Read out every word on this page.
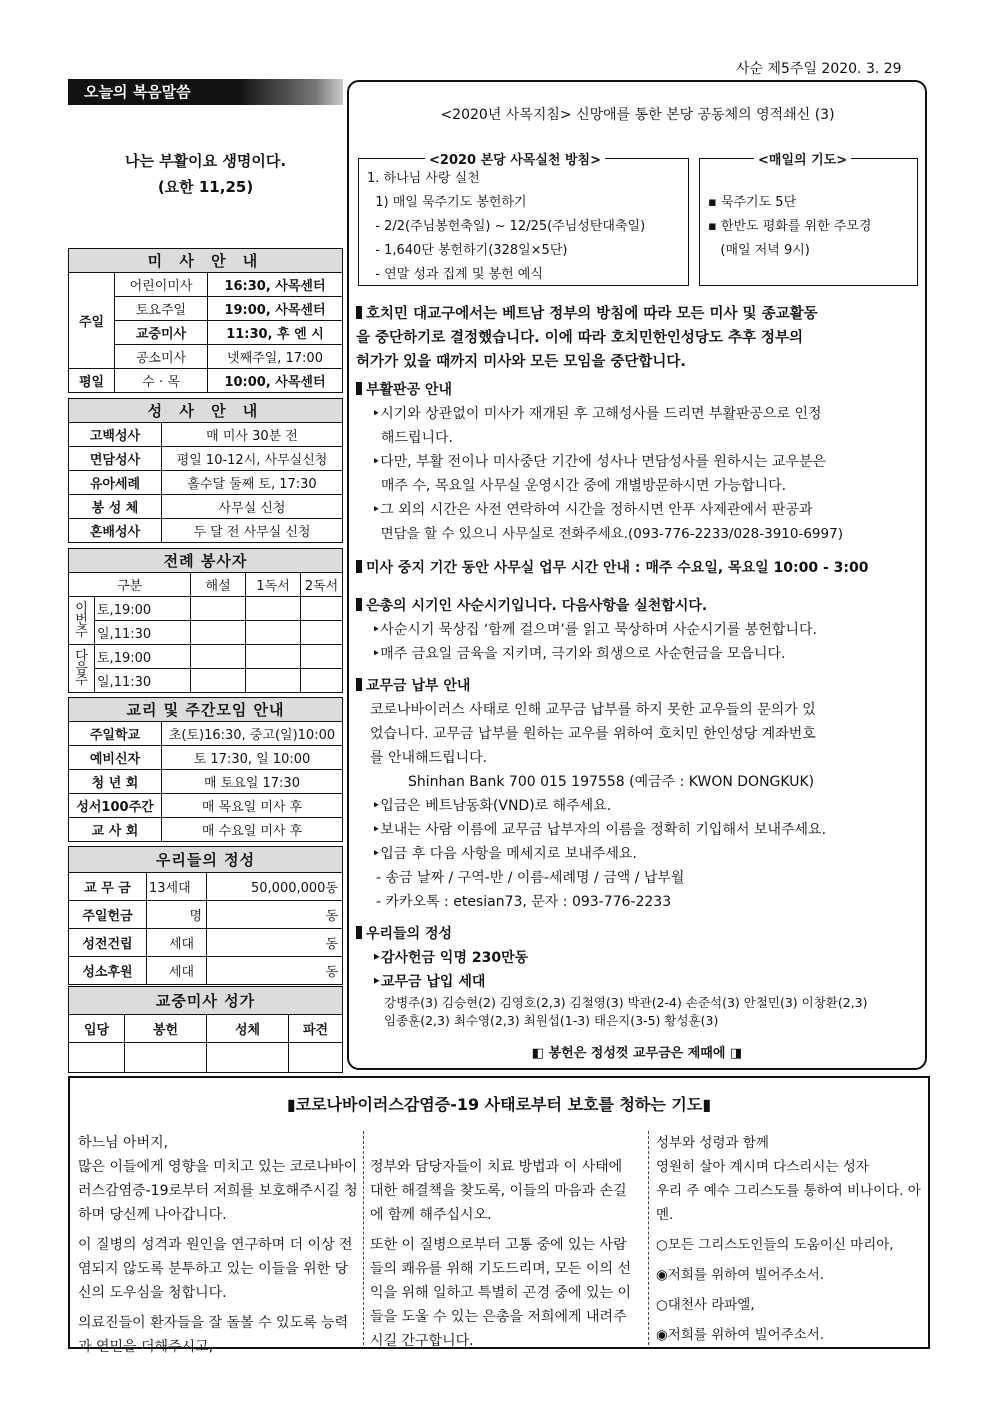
사순 제5주일 2020. 3. 29
오늘의 복음말씀
나는 부활이요 생명이다.
(요한 11,25)
미 사 안 내		
주일	어린이미사	16:30, 사목센터
	토요주일	19:00, 사목센터
	교중미사	11:30, 후 엔 시
	공소미사	넷째주일, 17:00
평일	수 · 목	10:00, 사목센터
성 사 안 내	
고백성사	매 미사 30분 전
면담성사	평일 10-12시, 사무실신청
유아세례	홀수달 둘째 토, 17:30
봉 성 체	사무실 신청
혼배성사	두 달 전 사무실 신청
전례 봉사자				
구분		해설	1독서	2독서
이번주	토,19:00			
	일,11:30			
다음주	토,19:00			
	일,11:30			
교리 및 주간모임 안내	
주일학교	초(토)16:30, 중고(일)10:00
예비신자	토 17:30, 일 10:00
청 년 회	매 토요일 17:30
성서100주간	매 목요일 미사 후
교 사 회	매 수요일 미사 후
우리들의 정성		
교 무 금	13세대	50,000,000동
주일헌금	명	동
성전건립	세대	동
성소후원	세대	동
교중미사 성가			
입당	봉헌	성체	파견

<2020년 사목지침> 신망애를 통한 본당 공동체의 영적쇄신 (3)
<2020 본당 사목실천 방침>

1. 하나님 사랑 실천

1) 매일 묵주기도 봉헌하기

- 2/2(주님봉헌축일) ~ 12/25(주님성탄대축일)

- 1,640단 봉헌하기(328일×5단)

- 연말 성과 집계 및 봉헌 예식

<매일의 기도>

▪ 묵주기도 5단

▪ 한반도 평화를 위한 주모경

(매일 저녁 9시)

호치민 대교구에서는 베트남 정부의 방침에 따라 모든 미사 및 종교활동
을 중단하기로 결정했습니다. 이에 따라 호치민한인성당도 추후 정부의
허가가 있을 때까지 미사와 모든 모임을 중단합니다.
부활판공 안내
‣시기와 상관없이 미사가 재개된 후 고해성사를 드리면 부활판공으로 인정
해드립니다.
‣다만, 부활 전이나 미사중단 기간에 성사나 면담성사를 원하시는 교우분은
매주 수, 목요일 사무실 운영시간 중에 개별방문하시면 가능합니다.
‣그 외의 시간은 사전 연락하여 시간을 정하시면 안푸 사제관에서 판공과
면담을 할 수 있으니 사무실로 전화주세요.(093-776-2233/028-3910-6997)
미사 중지 기간 동안 사무실 업무 시간 안내 : 매주 수요일, 목요일 10:00 - 3:00
은총의 시기인 사순시기입니다. 다음사항을 실천합시다.
‣사순시기 묵상집 ‘함께 걸으며’를 읽고 묵상하며 사순시기를 봉헌합니다.
‣매주 금요일 금육을 지키며, 극기와 희생으로 사순헌금을 모읍니다.
교무금 납부 안내
코로나바이러스 사태로 인해 교무금 납부를 하지 못한 교우들의 문의가 있
었습니다. 교무금 납부를 원하는 교우를 위하여 호치민 한인성당 계좌번호
를 안내해드립니다.
Shinhan Bank 700 015 197558 (예금주 : KWON DONGKUK)
‣입금은 베트남동화(VND)로 해주세요.
‣보내는 사람 이름에 교무금 납부자의 이름을 정확히 기입해서 보내주세요.
‣입금 후 다음 사항을 메세지로 보내주세요.
- 송금 날짜 / 구역-반 / 이름-세례명 / 금액 / 납부월
- 카카오톡 : etesian73, 문자 : 093-776-2233
우리들의 정성
‣감사헌금 익명 230만동
‣교무금 납입 세대
강병주(3) 김승현(2) 김영호(2,3) 김철영(3) 박관(2-4) 손준석(3) 안철민(3) 이창환(2,3)
임종훈(2,3) 최수영(2,3) 최원섭(1-3) 태은지(3-5) 황성훈(3)
◧ 봉헌은 정성껏 교무금은 제때에 ◨
▮코로나바이러스감염증-19 사태로부터 보호를 청하는 기도▮

하느님 아버지,
많은 이들에게 영향을 미치고 있는 코로나바이러스감염증-19로부터 저희를 보호해주시길 청하며 당신께 나아갑니다.

이 질병의 성격과 원인을 연구하며 더 이상 전염되지 않도록 분투하고 있는 이들을 위한 당신의 도우심을 청합니다.

의료진들이 환자들을 잘 돌볼 수 있도록 능력과 연민을 더해주시고,

정부와 담당자들이 치료 방법과 이 사태에 대한 해결책을 찾도록, 이들의 마음과 손길에 함께 해주십시오.

또한 이 질병으로부터 고통 중에 있는 사람들의 쾌유를 위해 기도드리며, 모든 이의 선익을 위해 일하고 특별히 곤경 중에 있는 이들을 도울 수 있는 은총을 저희에게 내려주시길 간구합니다.

성부와 성령과 함께
영원히 살아 계시며 다스리시는 성자
우리 주 예수 그리스도를 통하여 비나이다. 아멘.

○모든 그리스도인들의 도움이신 마리아,

◉저희를 위하여 빌어주소서.

○대천사 라파엘,

◉저희를 위하여 빌어주소서.
